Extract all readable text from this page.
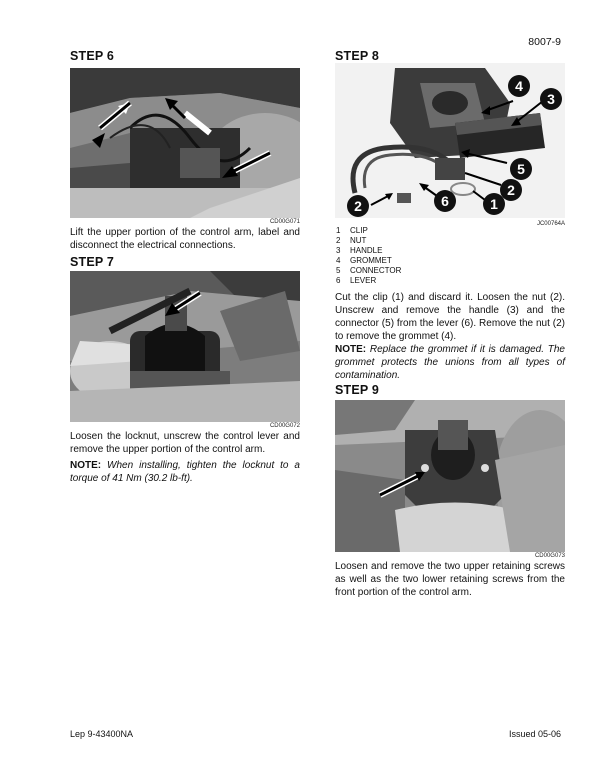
8007-9
STEP 6
CD00G071
Lift the upper portion of the control arm, label and disconnect the electrical connections.
STEP 7
CD00G072
Loosen the locknut, unscrew the control lever and remove the upper portion of the control arm.
NOTE: When installing, tighten the locknut to a torque of 41 Nm (30.2 lb-ft).
STEP 8
4
3
5
2
6	1
2
JC00764A
1	CLIP
2	NUT
3	HANDLE
4	GROMMET
5	CONNECTOR
6	LEVER
Cut the clip (1) and discard it. Loosen the nut (2). Unscrew and remove the handle (3) and the connector (5) from the lever (6). Remove the nut (2) to remove the grommet (4).
NOTE: Replace the grommet if it is damaged. The grommet protects the unions from all types of contamination.
STEP 9
CD00G073
Loosen and remove the two upper retaining screws as well as the two lower retaining screws from the front portion of the control arm.
Lep 9-43400NA	Issued 05-06
